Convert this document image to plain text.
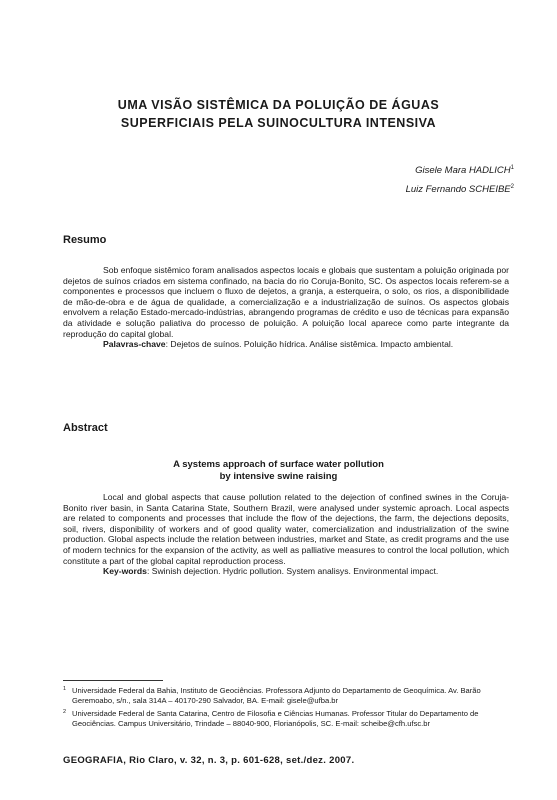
UMA VISÃO SISTÊMICA DA POLUIÇÃO DE ÁGUAS
SUPERFICIAIS PELA SUINOCULTURA INTENSIVA
Gisele Mara HADLICH$^1$
Luiz Fernando SCHEIBE$^2$
Resumo

Sob enfoque sistêmico foram analisados aspectos locais e globais que sustentam a poluição originada por dejetos de suínos criados em sistema confinado, na bacia do rio Coruja-Bonito, SC. Os aspectos locais referem-se a componentes e processos que incluem o fluxo de dejetos, a granja, a esterqueira, o solo, os rios, a disponibilidade de mão-de-obra e de água de qualidade, a comercialização e a industrialização de suínos. Os aspectos globais envolvem a relação Estado-mercado-indústrias, abrangendo programas de crédito e uso de técnicas para expansão da atividade e solução paliativa do processo de poluição. A poluição local aparece como parte integrante da reprodução do capital global.

Palavras-chave: Dejetos de suínos. Poluição hídrica. Análise sistêmica. Impacto ambiental.

Abstract
A systems approach of surface water pollution
by intensive swine raising

Local and global aspects that cause pollution related to the dejection of confined swines in the Coruja-Bonito river basin, in Santa Catarina State, Southern Brazil, were analysed under systemic aproach. Local aspects are related to components and processes that include the flow of the dejections, the farm, the dejections deposits, soil, rivers, disponibility of workers and of good quality water, comercialization and industrialization of the swine production. Global aspects include the relation between industries, market and State, as credit programs and the use of modern technics for the expansion of the activity, as well as palliative measures to control the local pollution, which constitute a part of the global capital reproduction process.

Key-words: Swinish dejection. Hydric pollution. System analisys. Environmental impact.

1 Universidade Federal da Bahia, Instituto de Geociências. Professora Adjunto do Departamento de Geoquímica. Av. Barão Geremoabo, s/n., sala 314A – 40170-290 Salvador, BA. E-mail: gisele@ufba.br
2 Universidade Federal de Santa Catarina, Centro de Filosofia e Ciências Humanas. Professor Titular do Departamento de Geociências. Campus Universitário, Trindade – 88040-900, Florianópolis, SC. E-mail: scheibe@cfh.ufsc.br
GEOGRAFIA, Rio Claro, v. 32, n. 3, p. 601-628, set./dez. 2007.
